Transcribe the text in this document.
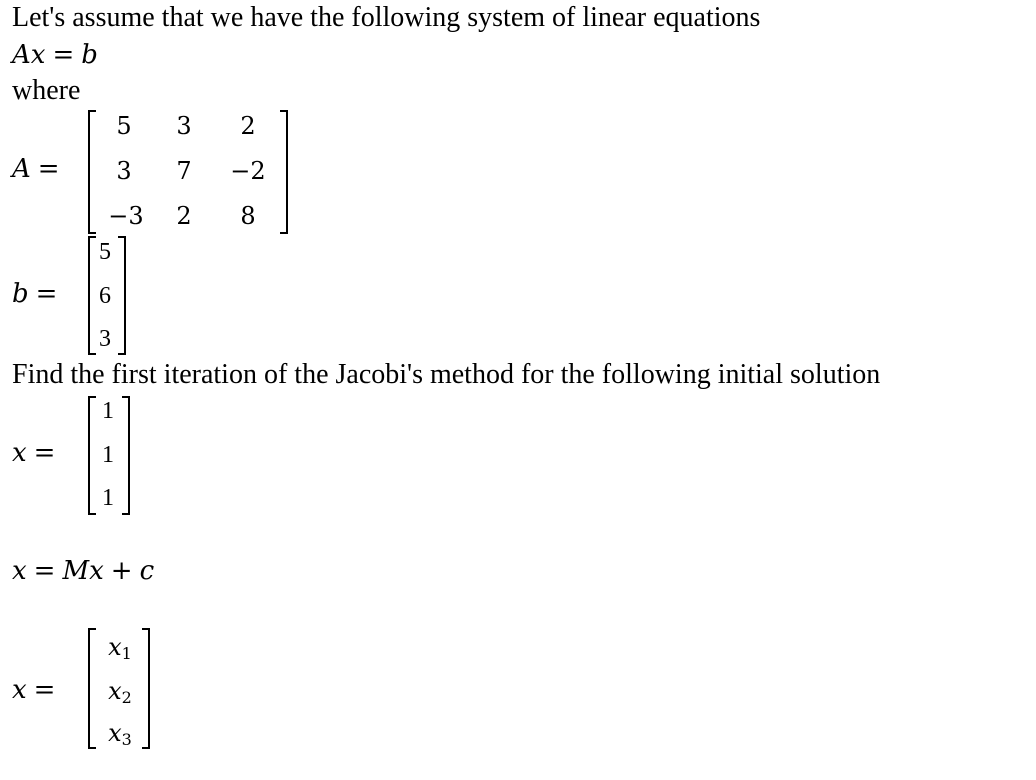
Let's assume that we have the following system of linear equations
Ax = b
where
A =
5	3	2
3	7	−2
−3	2	8
b =
5
6
3
Find the first iteration of the Jacobi's method for the following initial solution
x =
1
1
1
x = Mx + c
x =
$x_1$
$x_2$
$x_3$
